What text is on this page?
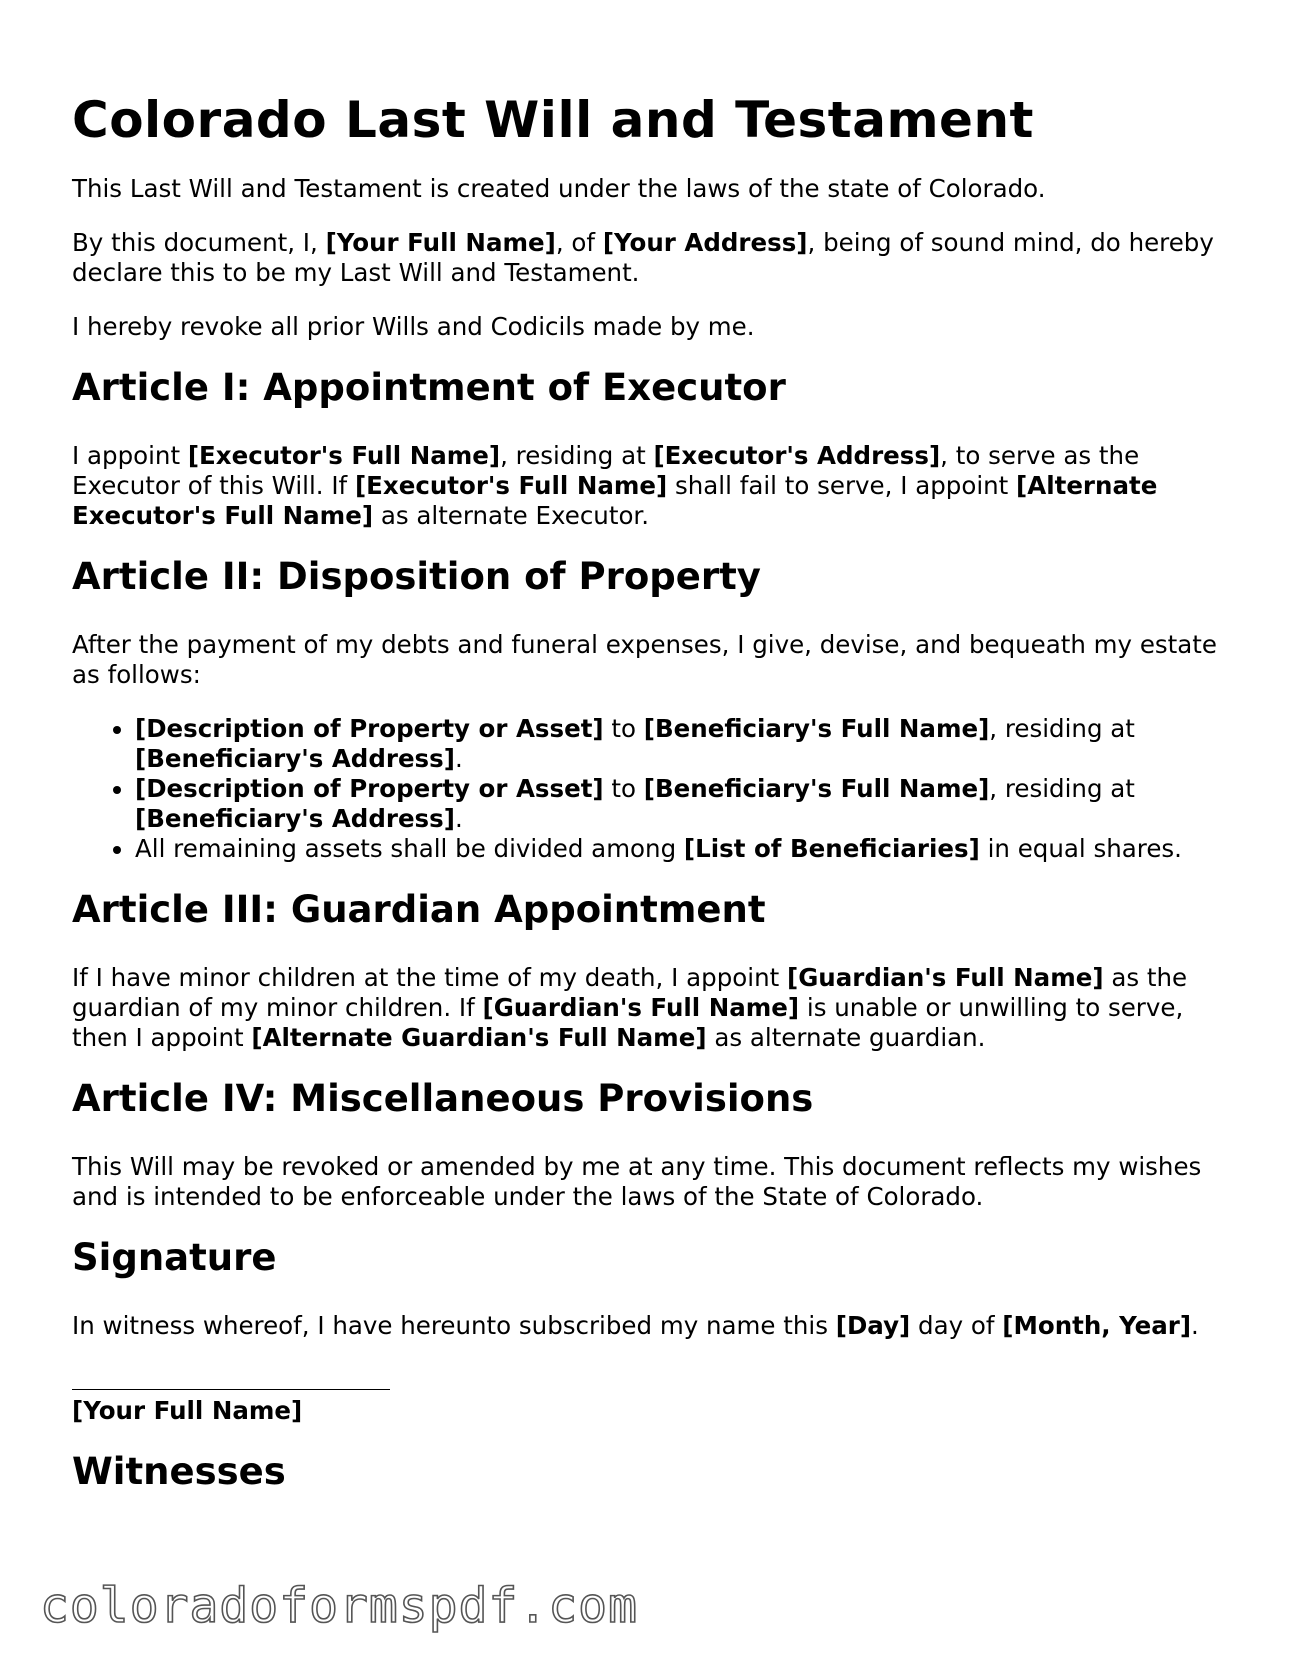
Colorado Last Will and Testament

This Last Will and Testament is created under the laws of the state of Colorado.

By this document, I, [Your Full Name], of [Your Address], being of sound mind, do hereby declare this to be my Last Will and Testament.

I hereby revoke all prior Wills and Codicils made by me.

Article I: Appointment of Executor

I appoint [Executor's Full Name], residing at [Executor's Address], to serve as the Executor of this Will. If [Executor's Full Name] shall fail to serve, I appoint [Alternate Executor's Full Name] as alternate Executor.

Article II: Disposition of Property

After the payment of my debts and funeral expenses, I give, devise, and bequeath my estate as follows:

• [Description of Property or Asset] to [Beneficiary's Full Name], residing at [Beneficiary's Address].
• [Description of Property or Asset] to [Beneficiary's Full Name], residing at [Beneficiary's Address].
• All remaining assets shall be divided among [List of Beneficiaries] in equal shares.
Article III: Guardian Appointment

If I have minor children at the time of my death, I appoint [Guardian's Full Name] as the guardian of my minor children. If [Guardian's Full Name] is unable or unwilling to serve, then I appoint [Alternate Guardian's Full Name] as alternate guardian.

Article IV: Miscellaneous Provisions

This Will may be revoked or amended by me at any time. This document reflects my wishes and is intended to be enforceable under the laws of the State of Colorado.

Signature

In witness whereof, I have hereunto subscribed my name this [Day] day of [Month, Year].

[Your Full Name]

Witnesses
coloradoformspdf.com
